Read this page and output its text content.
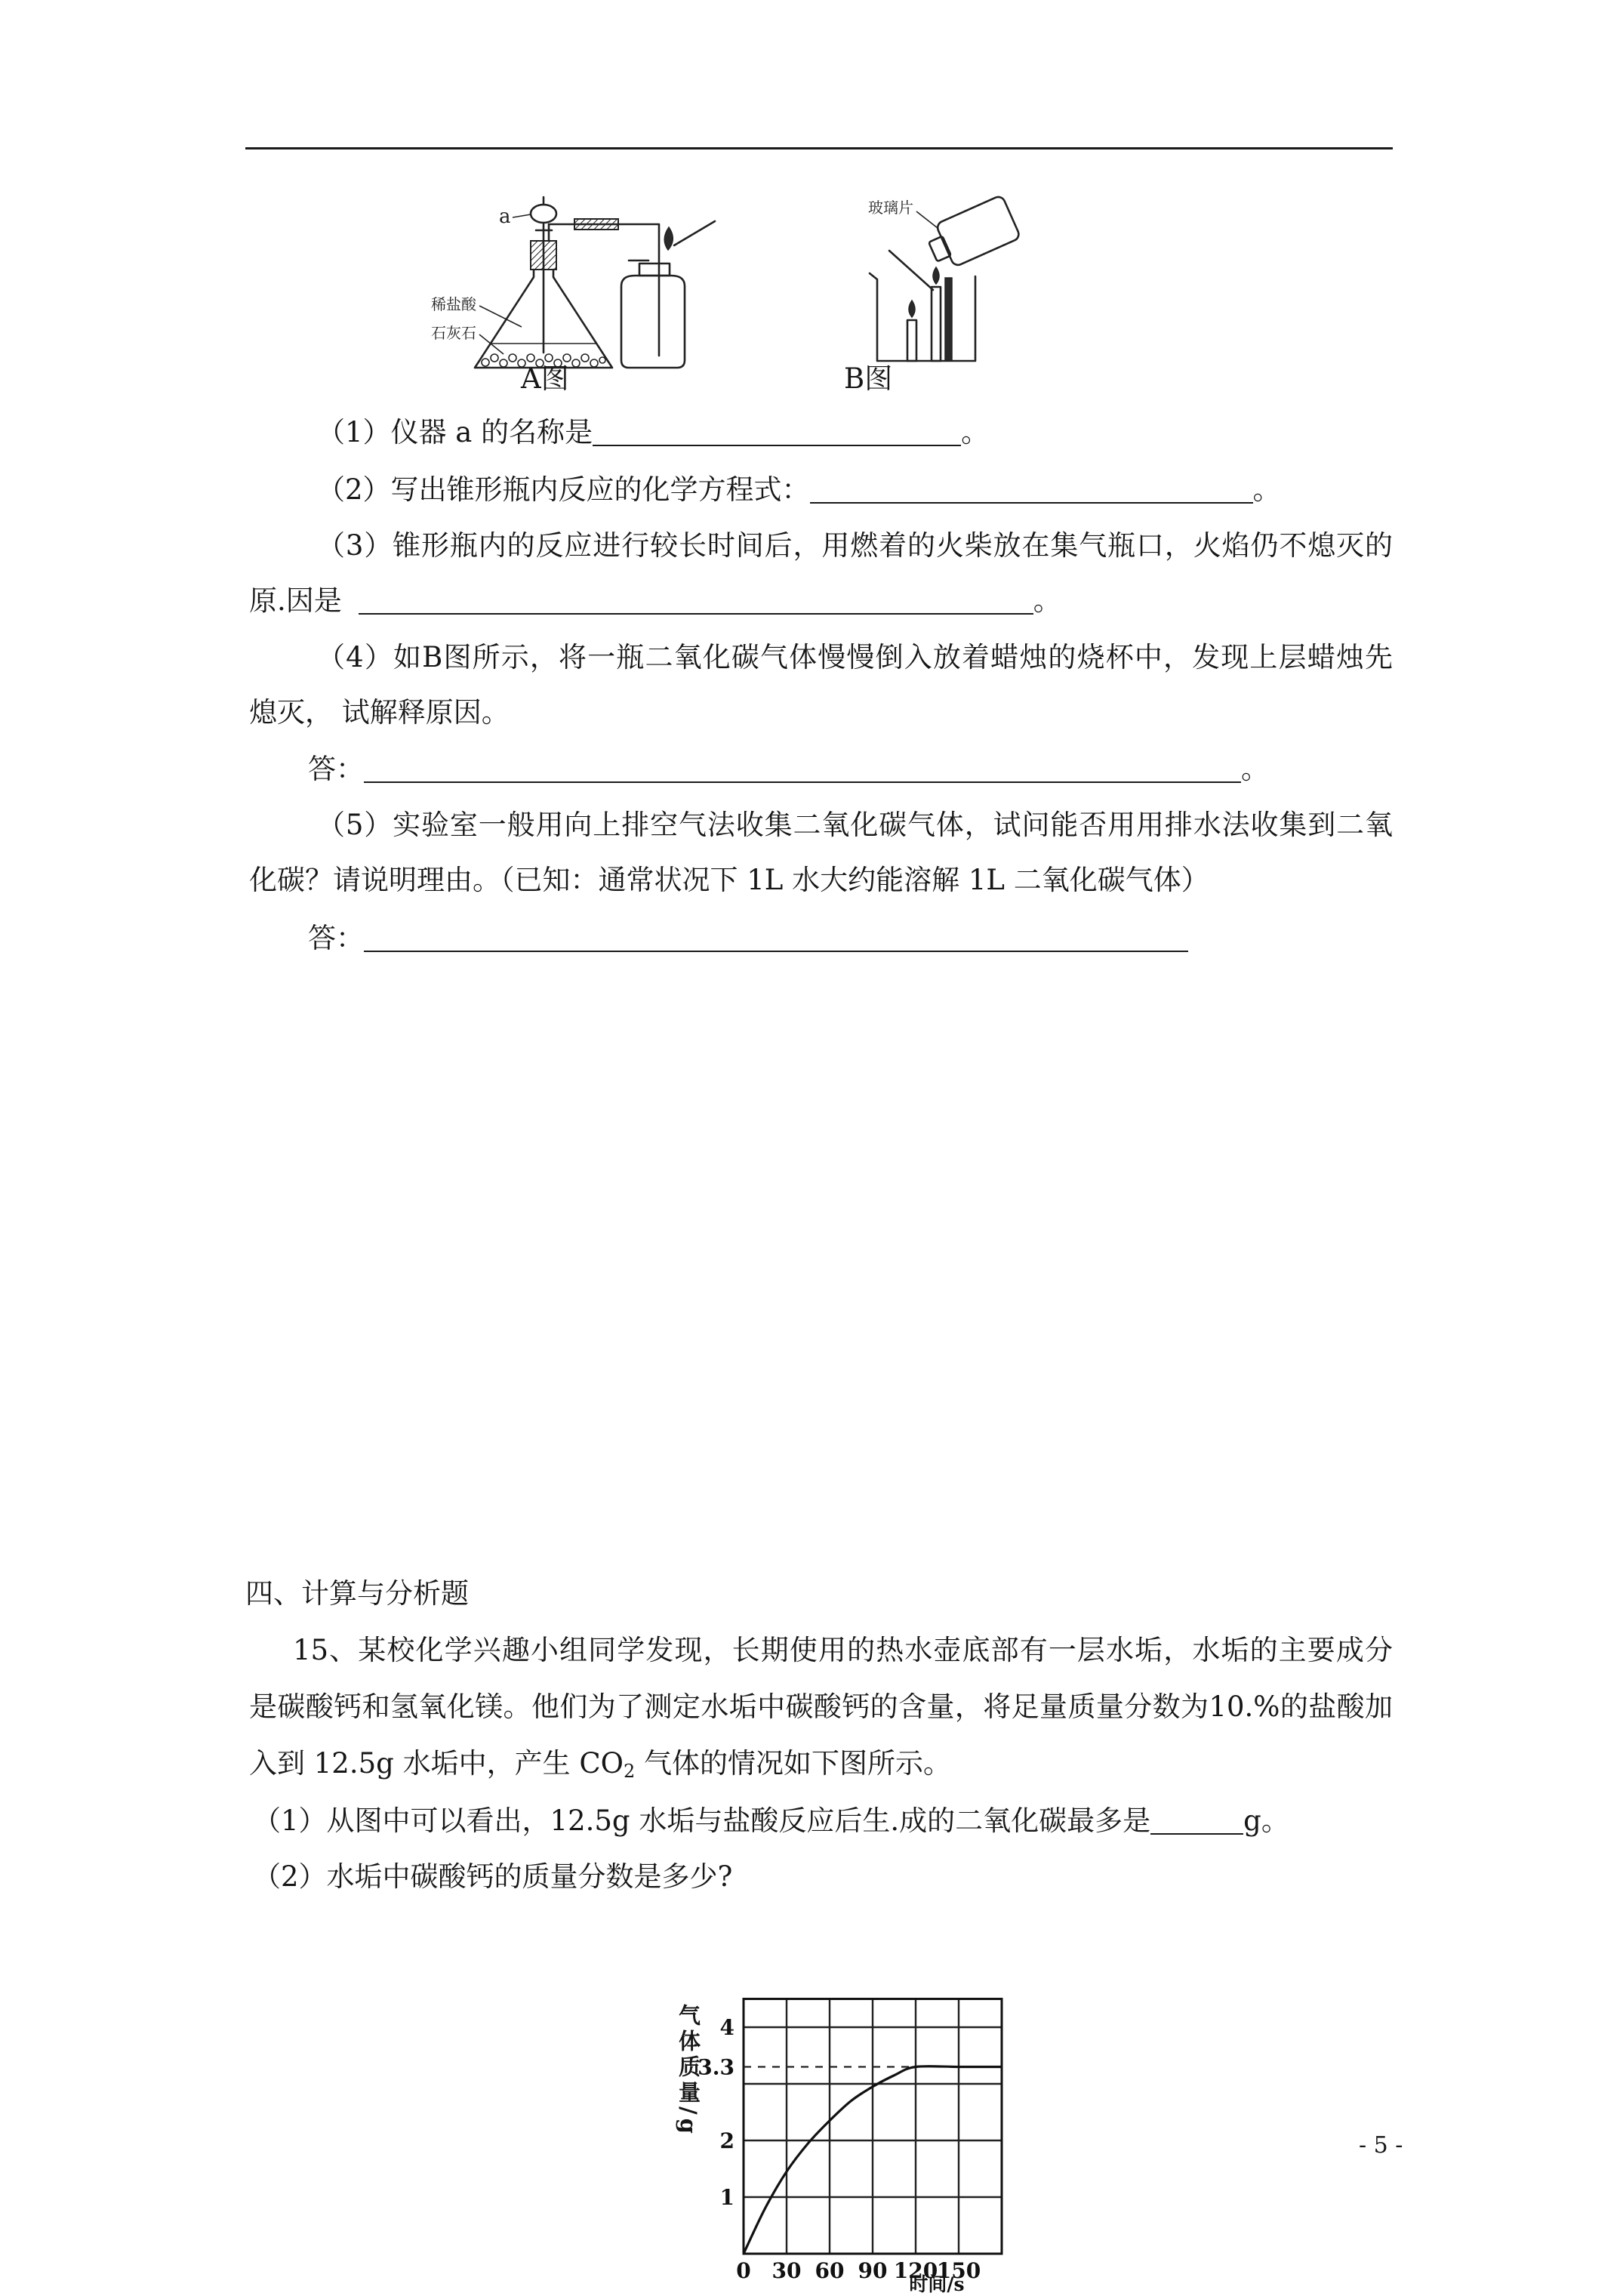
a
稀盐酸
石灰石
A图
玻璃片
B图
（1）仪器 a 的名称是	。
（2）写出锥形瓶内反应的化学方程式：	。
（3）锥形瓶内的反应进行较长时间后，用燃着的火柴放在集气瓶口，火焰仍不熄灭的
原.因是	。
（4）如B图所示，将一瓶二氧化碳气体慢慢倒入放着蜡烛的烧杯中，发现上层蜡烛先
熄灭， 试解释原因。
答：	。
（5）实验室一般用向上排空气法收集二氧化碳气体，试问能否用用排水法收集到二氧
化碳？请说明理由。（已知：通常状况下 1L 水大约能溶解 1L 二氧化碳气体）
答：
四、计算与分析题
15、某校化学兴趣小组同学发现，长期使用的热水壶底部有一层水垢，水垢的主要成分
是碳酸钙和氢氧化镁。他们为了测定水垢中碳酸钙的含量，将足量质量分数为10.%的盐酸加
入到 12.5g 水垢中，产生 $CO_2$ 气体的情况如下图所示。
（1）从图中可以看出，12.5g 水垢与盐酸反应后生.成的二氧化碳最多是	g。
（2）水垢中碳酸钙的质量分数是多少?
- 5 -
时间/s
0 30 60 90 120
150
1
2
3.3
4
气体质量/g
